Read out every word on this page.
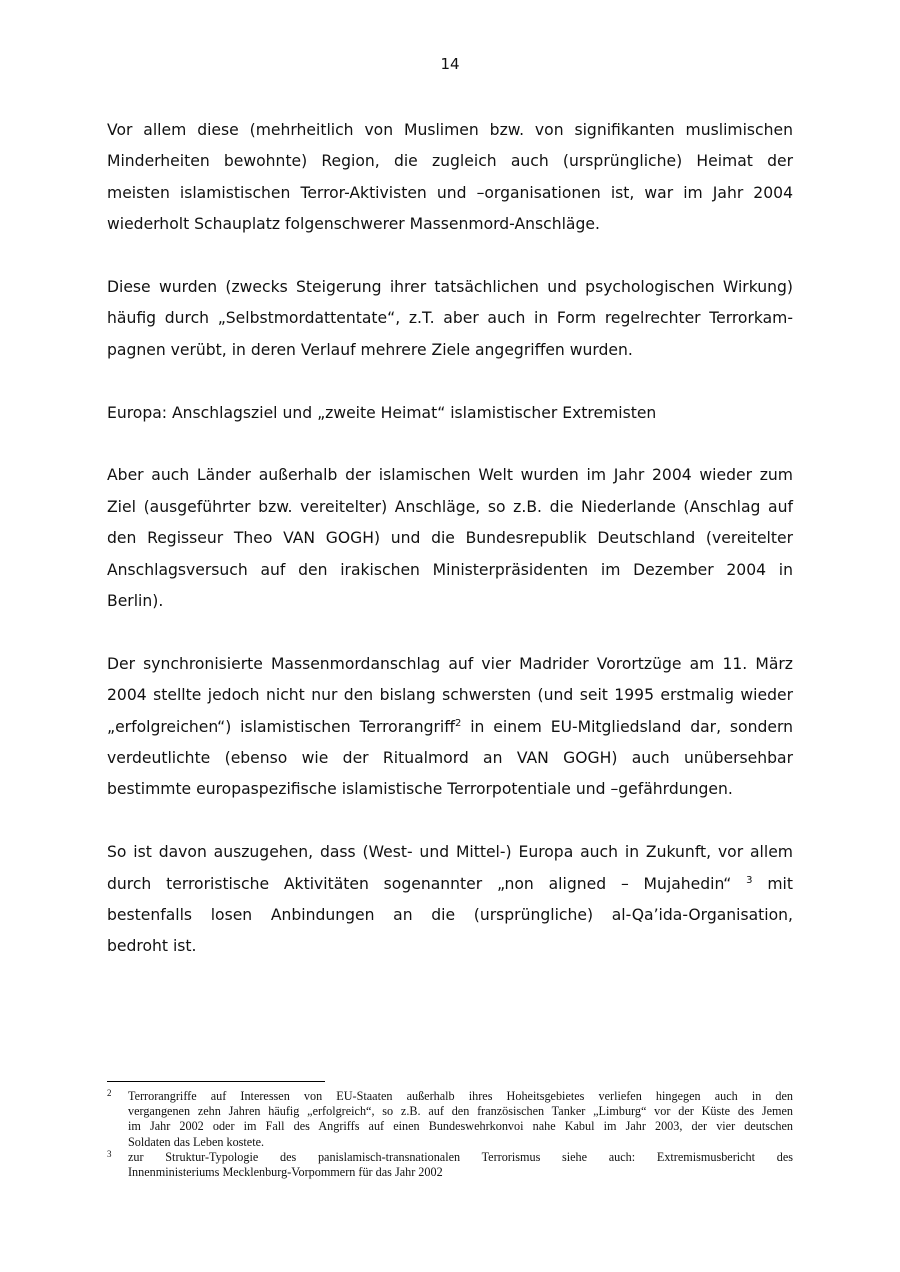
14
Vor allem diese (mehrheitlich von Muslimen bzw. von signifikanten muslimischen
Minderheiten bewohnte) Region, die zugleich auch (ursprüngliche) Heimat der
meisten islamistischen Terror-Aktivisten und –organisationen ist, war im Jahr 2004
wiederholt Schauplatz folgenschwerer Massenmord-Anschläge.
Diese wurden (zwecks Steigerung ihrer tatsächlichen und psychologischen Wirkung)
häufig durch „Selbstmordattentate“, z.T. aber auch in Form regelrechter Terrorkam-
pagnen verübt, in deren Verlauf mehrere Ziele angegriffen wurden.
Europa: Anschlagsziel und „zweite Heimat“ islamistischer Extremisten
Aber auch Länder außerhalb der islamischen Welt wurden im Jahr 2004 wieder zum
Ziel (ausgeführter bzw. vereitelter) Anschläge, so z.B. die Niederlande (Anschlag auf
den Regisseur Theo VAN GOGH) und die Bundesrepublik Deutschland (vereitelter
Anschlagsversuch auf den irakischen Ministerpräsidenten im Dezember 2004 in
Berlin).
Der synchronisierte Massenmordanschlag auf vier Madrider Vorortzüge am 11. März
2004 stellte jedoch nicht nur den bislang schwersten (und seit 1995 erstmalig wieder
„erfolgreichen“) islamistischen Terrorangriff$^2$ in einem EU-Mitgliedsland dar, sondern
verdeutlichte (ebenso wie der Ritualmord an VAN GOGH) auch unübersehbar
bestimmte europaspezifische islamistische Terrorpotentiale und –gefährdungen.
So ist davon auszugehen, dass (West- und Mittel-) Europa auch in Zukunft, vor allem
durch terroristische Aktivitäten sogenannter „non aligned – Mujahedin“ $^3$ mit
bestenfalls losen Anbindungen an die (ursprüngliche) al-Qa’ida-Organisation,
bedroht ist.
2 Terrorangriffe auf Interessen von EU-Staaten außerhalb ihres Hoheitsgebietes verliefen hingegen auch in den
vergangenen zehn Jahren häufig „erfolgreich“, so z.B. auf den französischen Tanker „Limburg“ vor der Küste des Jemen
im Jahr 2002 oder im Fall des Angriffs auf einen Bundeswehrkonvoi nahe Kabul im Jahr 2003, der vier deutschen
Soldaten das Leben kostete.
3 zur Struktur-Typologie des panislamisch-transnationalen Terrorismus siehe auch: Extremismusbericht des
Innenministeriums Mecklenburg-Vorpommern für das Jahr 2002
